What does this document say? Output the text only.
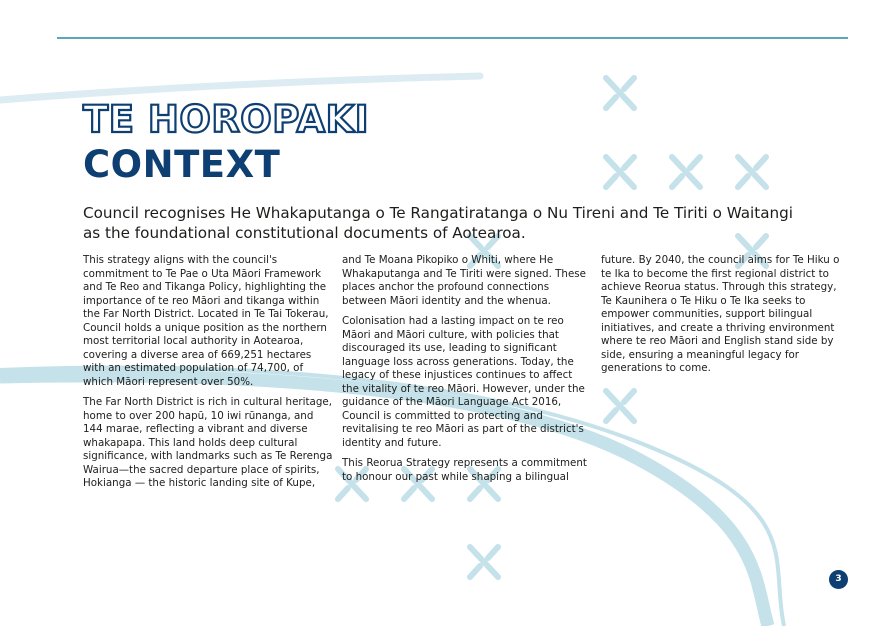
TE HOROPAKI
CONTEXT

Council recognises He Whakaputanga o Te Rangatiratanga o Nu Tireni and Te Tiriti o Waitangi as the foundational constitutional documents of Aotearoa.

This strategy aligns with the council's commitment to Te Pae o Uta Māori Framework and Te Reo and Tikanga Policy, highlighting the importance of te reo Māori and tikanga within the Far North District. Located in Te Tai Tokerau, Council holds a unique position as the northern most territorial local authority in Aotearoa, covering a diverse area of 669,251 hectares with an estimated population of 74,700, of which Māori represent over 50%.

The Far North District is rich in cultural heritage, home to over 200 hapū, 10 iwi rūnanga, and 144 marae, reflecting a vibrant and diverse whakapapa. This land holds deep cultural significance, with landmarks such as Te Rerenga Wairua—the sacred departure place of spirits, Hokianga — the historic landing site of Kupe,

and Te Moana Pikopiko o Whiti, where He Whakaputanga and Te Tiriti were signed. These places anchor the profound connections between Māori identity and the whenua.

Colonisation had a lasting impact on te reo Māori and Māori culture, with policies that discouraged its use, leading to significant language loss across generations. Today, the legacy of these injustices continues to affect the vitality of te reo Māori. However, under the guidance of the Māori Language Act 2016, Council is committed to protecting and revitalising te reo Māori as part of the district's identity and future.

This Reorua Strategy represents a commitment to honour our past while shaping a bilingual

future. By 2040, the council aims for Te Hiku o te Ika to become the first regional district to achieve Reorua status. Through this strategy, Te Kaunihera o Te Hiku o Te Ika seeks to empower communities, support bilingual initiatives, and create a thriving environment where te reo Māori and English stand side by side, ensuring a meaningful legacy for generations to come.

3
